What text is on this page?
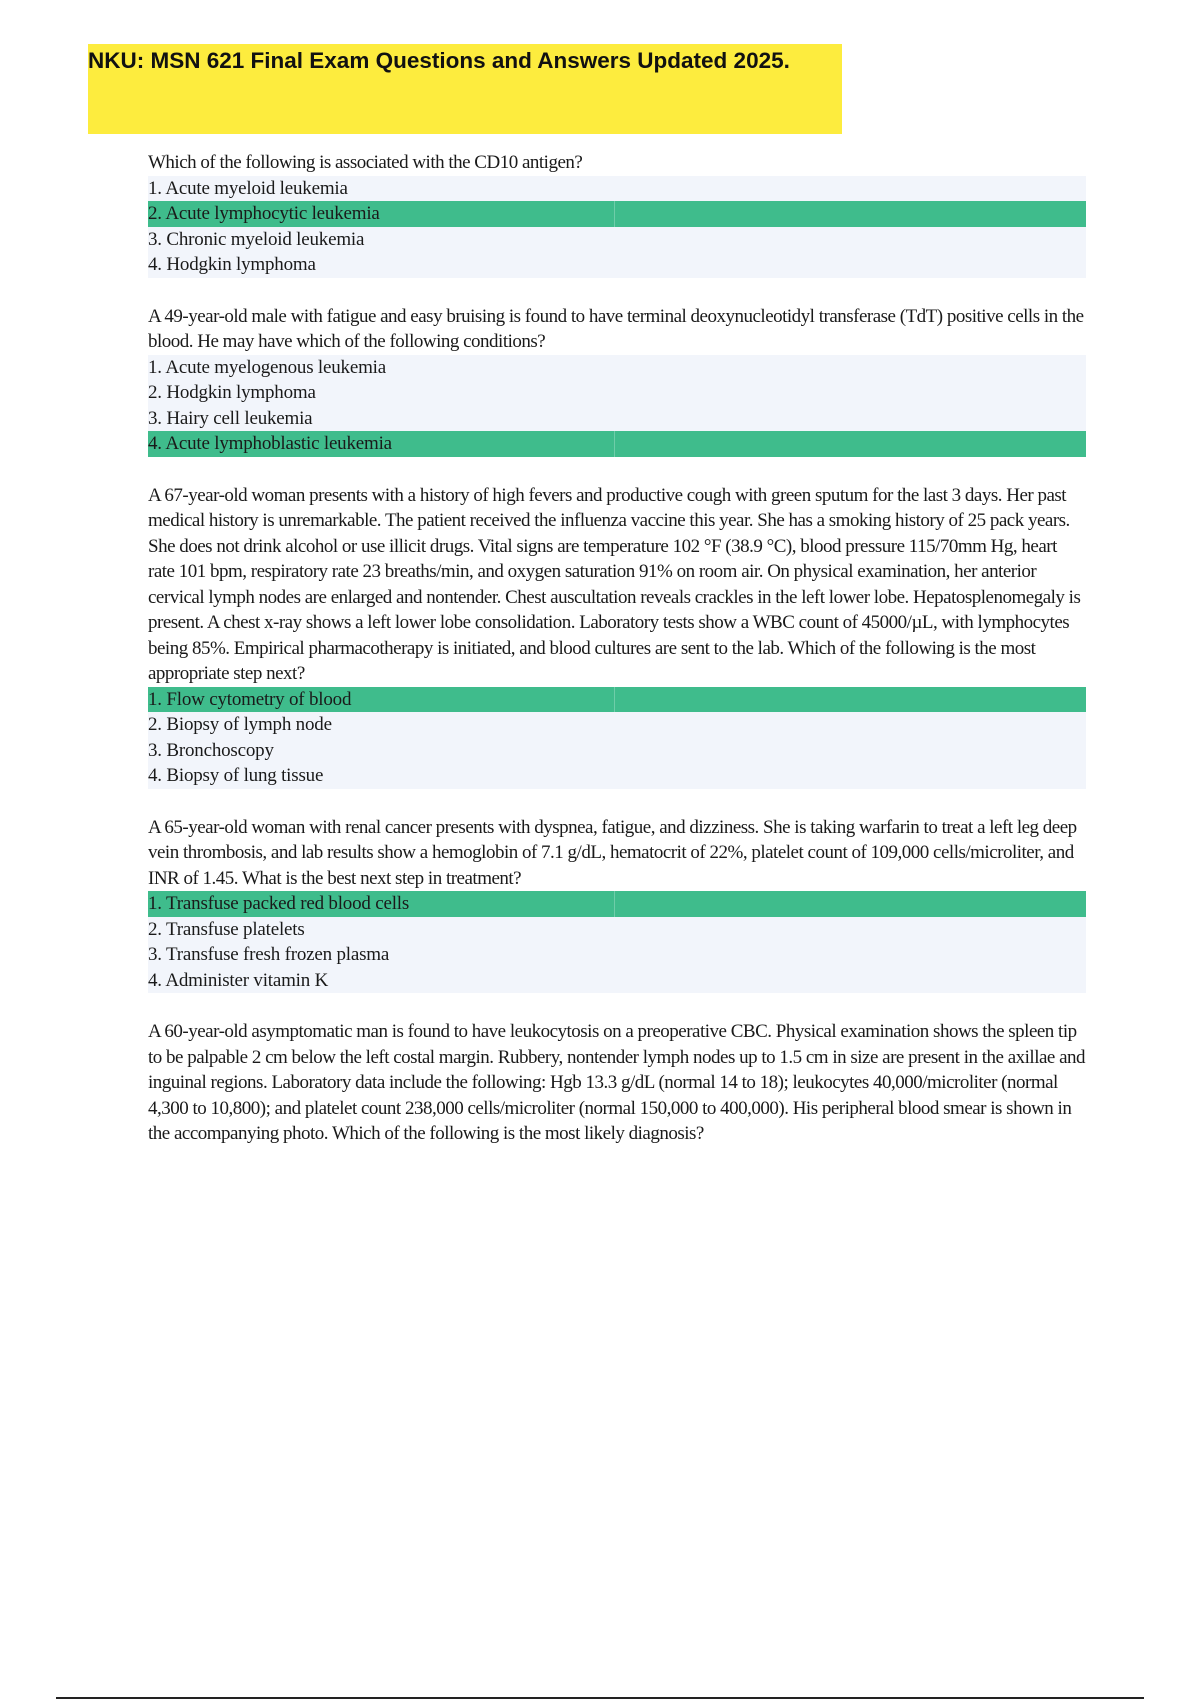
NKU: MSN 621 Final Exam Questions and Answers Updated 2025.

Which of the following is associated with the CD10 antigen?

1. Acute myeloid leukemia
2. Acute lymphocytic leukemia
3. Chronic myeloid leukemia
4. Hodgkin lymphoma

A 49-year-old male with fatigue and easy bruising is found to have terminal deoxynucleotidyl transferase (TdT) positive cells in the blood. He may have which of the following conditions?

1. Acute myelogenous leukemia
2. Hodgkin lymphoma
3. Hairy cell leukemia
4. Acute lymphoblastic leukemia

A 67-year-old woman presents with a history of high fevers and productive cough with green sputum for the last 3 days. Her past medical history is unremarkable. The patient received the influenza vaccine this year. She has a smoking history of 25 pack years. She does not drink alcohol or use illicit drugs. Vital signs are temperature 102 °F (38.9 °C), blood pressure 115/70mm Hg, heart rate 101 bpm, respiratory rate 23 breaths/min, and oxygen saturation 91% on room air. On physical examination, her anterior cervical lymph nodes are enlarged and nontender. Chest auscultation reveals crackles in the left lower lobe. Hepatosplenomegaly is present. A chest x-ray shows a left lower lobe consolidation. Laboratory tests show a WBC count of 45000/µL, with lymphocytes being 85%. Empirical pharmacotherapy is initiated, and blood cultures are sent to the lab. Which of the following is the most appropriate step next?

1. Flow cytometry of blood
2. Biopsy of lymph node
3. Bronchoscopy
4. Biopsy of lung tissue

A 65-year-old woman with renal cancer presents with dyspnea, fatigue, and dizziness. She is taking warfarin to treat a left leg deep vein thrombosis, and lab results show a hemoglobin of 7.1 g/dL, hematocrit of 22%, platelet count of 109,000 cells/microliter, and INR of 1.45. What is the best next step in treatment?

1. Transfuse packed red blood cells
2. Transfuse platelets
3. Transfuse fresh frozen plasma
4. Administer vitamin K

A 60-year-old asymptomatic man is found to have leukocytosis on a preoperative CBC. Physical examination shows the spleen tip to be palpable 2 cm below the left costal margin. Rubbery, nontender lymph nodes up to 1.5 cm in size are present in the axillae and inguinal regions. Laboratory data include the following: Hgb 13.3 g/dL (normal 14 to 18); leukocytes 40,000/microliter (normal 4,300 to 10,800); and platelet count 238,000 cells/microliter (normal 150,000 to 400,000). His peripheral blood smear is shown in the accompanying photo. Which of the following is the most likely diagnosis?
